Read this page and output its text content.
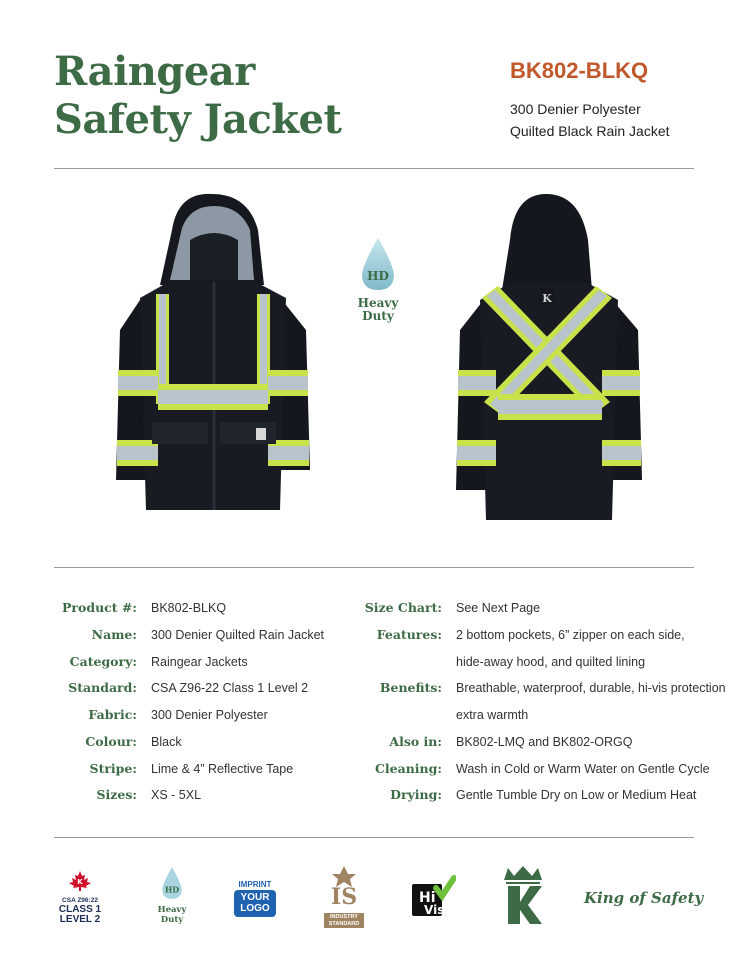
Raingear
Safety Jacket
BK802-BLKQ
300 Denier Polyester
Quilted Black Rain Jacket
HD
Heavy
Duty
K
Product #: BK802-BLKQ
Name: 300 Denier Quilted Rain Jacket
Category: Raingear Jackets
Standard: CSA Z96-22 Class 1 Level 2
Fabric: 300 Denier Polyester
Colour: Black
Stripe: Lime & 4” Reflective Tape
Sizes: XS - 5XL
Size Chart: See Next Page
Features: 2 bottom pockets, 6” zipper on each side,
hide-away hood, and quilted lining
Benefits: Breathable, waterproof, durable, hi-vis protection
extra warmth
Also in: BK802-LMQ and BK802-ORGQ
Cleaning: Wash in Cold or Warm Water on Gentle Cycle
Drying: Gentle Tumble Dry on Low or Medium Heat
K
CSA Z96:22
CLASS 1
LEVEL 2
HD
Heavy
Duty
IMPRINT
YOUR
LOGO	IS
INDUSTRY
STANDARD
Hi
Vis
King of Safety
